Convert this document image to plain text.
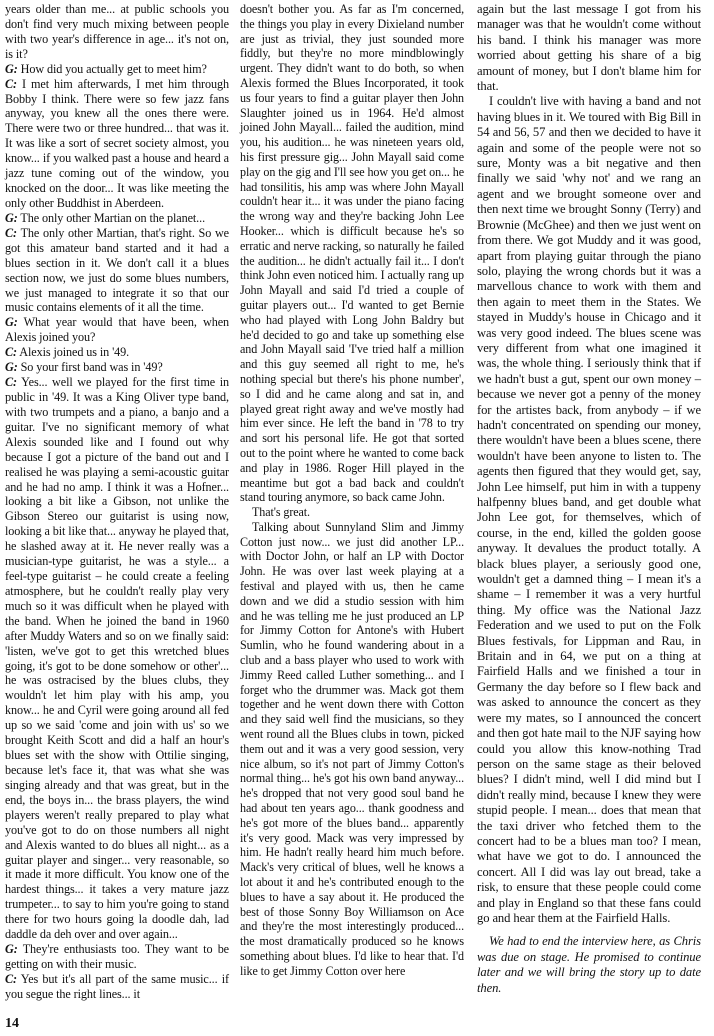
years older than me... at public schools you don't find very much mixing between people with two year's difference in age... it's not on, is it?

G: How did you actually get to meet him?

C: I met him afterwards, I met him through Bobby I think. There were so few jazz fans anyway, you knew all the ones there were. There were two or three hundred... that was it. It was like a sort of secret society almost, you know... if you walked past a house and heard a jazz tune coming out of the window, you knocked on the door... It was like meeting the only other Buddhist in Aberdeen.

G: The only other Martian on the planet...

C: The only other Martian, that's right. So we got this amateur band started and it had a blues section in it. We don't call it a blues section now, we just do some blues numbers, we just managed to integrate it so that our music contains elements of it all the time.

G: What year would that have been, when Alexis joined you?

C: Alexis joined us in '49.

G: So your first band was in '49?

C: Yes... well we played for the first time in public in '49. It was a King Oliver type band, with two trumpets and a piano, a banjo and a guitar. I've no significant memory of what Alexis sounded like and I found out why because I got a picture of the band out and I realised he was playing a semi-acoustic guitar and he had no amp. I think it was a Hofner... looking a bit like a Gibson, not unlike the Gibson Stereo our guitarist is using now, looking a bit like that... anyway he played that, he slashed away at it. He never really was a musician-type guitarist, he was a style... a feel-type guitarist – he could create a feeling atmosphere, but he couldn't really play very much so it was difficult when he played with the band. When he joined the band in 1960 after Muddy Waters and so on we finally said: 'listen, we've got to get this wretched blues going, it's got to be done somehow or other'... he was ostracised by the blues clubs, they wouldn't let him play with his amp, you know... he and Cyril were going around all fed up so we said 'come and join with us' so we brought Keith Scott and did a half an hour's blues set with the show with Ottilie singing, because let's face it, that was what she was singing already and that was great, but in the end, the boys in... the brass players, the wind players weren't really prepared to play what you've got to do on those numbers all night and Alexis wanted to do blues all night... as a guitar player and singer... very reasonable, so it made it more difficult. You know one of the hardest things... it takes a very mature jazz trumpeter... to say to him you're going to stand there for two hours going la doodle dah, lad daddle da deh over and over again...

G: They're enthusiasts too. They want to be getting on with their music.

C: Yes but it's all part of the same music... if you segue the right lines... it

doesn't bother you. As far as I'm concerned, the things you play in every Dixieland number are just as trivial, they just sounded more fiddly, but they're no more mindblowingly urgent. They didn't want to do both, so when Alexis formed the Blues Incorporated, it took us four years to find a guitar player then John Slaughter joined us in 1964. He'd almost joined John Mayall... failed the audition, mind you, his audition... he was nineteen years old, his first pressure gig... John Mayall said come play on the gig and I'll see how you get on... he had tonsilitis, his amp was where John Mayall couldn't hear it... it was under the piano facing the wrong way and they're backing John Lee Hooker... which is difficult because he's so erratic and nerve racking, so naturally he failed the audition... he didn't actually fail it... I don't think John even noticed him. I actually rang up John Mayall and said I'd tried a couple of guitar players out... I'd wanted to get Bernie who had played with Long John Baldry but he'd decided to go and take up something else and John Mayall said 'I've tried half a million and this guy seemed all right to me, he's nothing special but there's his phone number', so I did and he came along and sat in, and played great right away and we've mostly had him ever since. He left the band in '78 to try and sort his personal life. He got that sorted out to the point where he wanted to come back and play in 1986. Roger Hill played in the meantime but got a bad back and couldn't stand touring anymore, so back came John.

That's great.

Talking about Sunnyland Slim and Jimmy Cotton just now... we just did another LP... with Doctor John, or half an LP with Doctor John. He was over last week playing at a festival and played with us, then he came down and we did a studio session with him and he was telling me he just produced an LP for Jimmy Cotton for Antone's with Hubert Sumlin, who he found wandering about in a club and a bass player who used to work with Jimmy Reed called Luther something... and I forget who the drummer was. Mack got them together and he went down there with Cotton and they said well find the musicians, so they went round all the Blues clubs in town, picked them out and it was a very good session, very nice album, so it's not part of Jimmy Cotton's normal thing... he's got his own band anyway... he's dropped that not very good soul band he had about ten years ago... thank goodness and he's got more of the blues band... apparently it's very good. Mack was very impressed by him. He hadn't really heard him much before. Mack's very critical of blues, well he knows a lot about it and he's contributed enough to the blues to have a say about it. He produced the best of those Sonny Boy Williamson on Ace and they're the most interestingly produced... the most dramatically produced so he knows something about blues. I'd like to hear that. I'd like to get Jimmy Cotton over here

again but the last message I got from his manager was that he wouldn't come without his band. I think his manager was more worried about getting his share of a big amount of money, but I don't blame him for that.

I couldn't live with having a band and not having blues in it. We toured with Big Bill in 54 and 56, 57 and then we decided to have it again and some of the people were not so sure, Monty was a bit negative and then finally we said 'why not' and we rang an agent and we brought someone over and then next time we brought Sonny (Terry) and Brownie (McGhee) and then we just went on from there. We got Muddy and it was good, apart from playing guitar through the piano solo, playing the wrong chords but it was a marvellous chance to work with them and then again to meet them in the States. We stayed in Muddy's house in Chicago and it was very good indeed. The blues scene was very different from what one imagined it was, the whole thing. I seriously think that if we hadn't bust a gut, spent our own money – because we never got a penny of the money for the artistes back, from anybody – if we hadn't concentrated on spending our money, there wouldn't have been a blues scene, there wouldn't have been anyone to listen to. The agents then figured that they would get, say, John Lee himself, put him in with a tuppeny halfpenny blues band, and get double what John Lee got, for themselves, which of course, in the end, killed the golden goose anyway. It devalues the product totally. A black blues player, a seriously good one, wouldn't get a damned thing – I mean it's a shame – I remember it was a very hurtful thing. My office was the National Jazz Federation and we used to put on the Folk Blues festivals, for Lippman and Rau, in Britain and in 64, we put on a thing at Fairfield Halls and we finished a tour in Germany the day before so I flew back and was asked to announce the concert as they were my mates, so I announced the concert and then got hate mail to the NJF saying how could you allow this know-nothing Trad person on the same stage as their beloved blues? I didn't mind, well I did mind but I didn't really mind, because I knew they were stupid people. I mean... does that mean that the taxi driver who fetched them to the concert had to be a blues man too? I mean, what have we got to do. I announced the concert. All I did was lay out bread, take a risk, to ensure that these people could come and play in England so that these fans could go and hear them at the Fairfield Halls.

We had to end the interview here, as Chris was due on stage. He promised to continue later and we will bring the story up to date then.

14
